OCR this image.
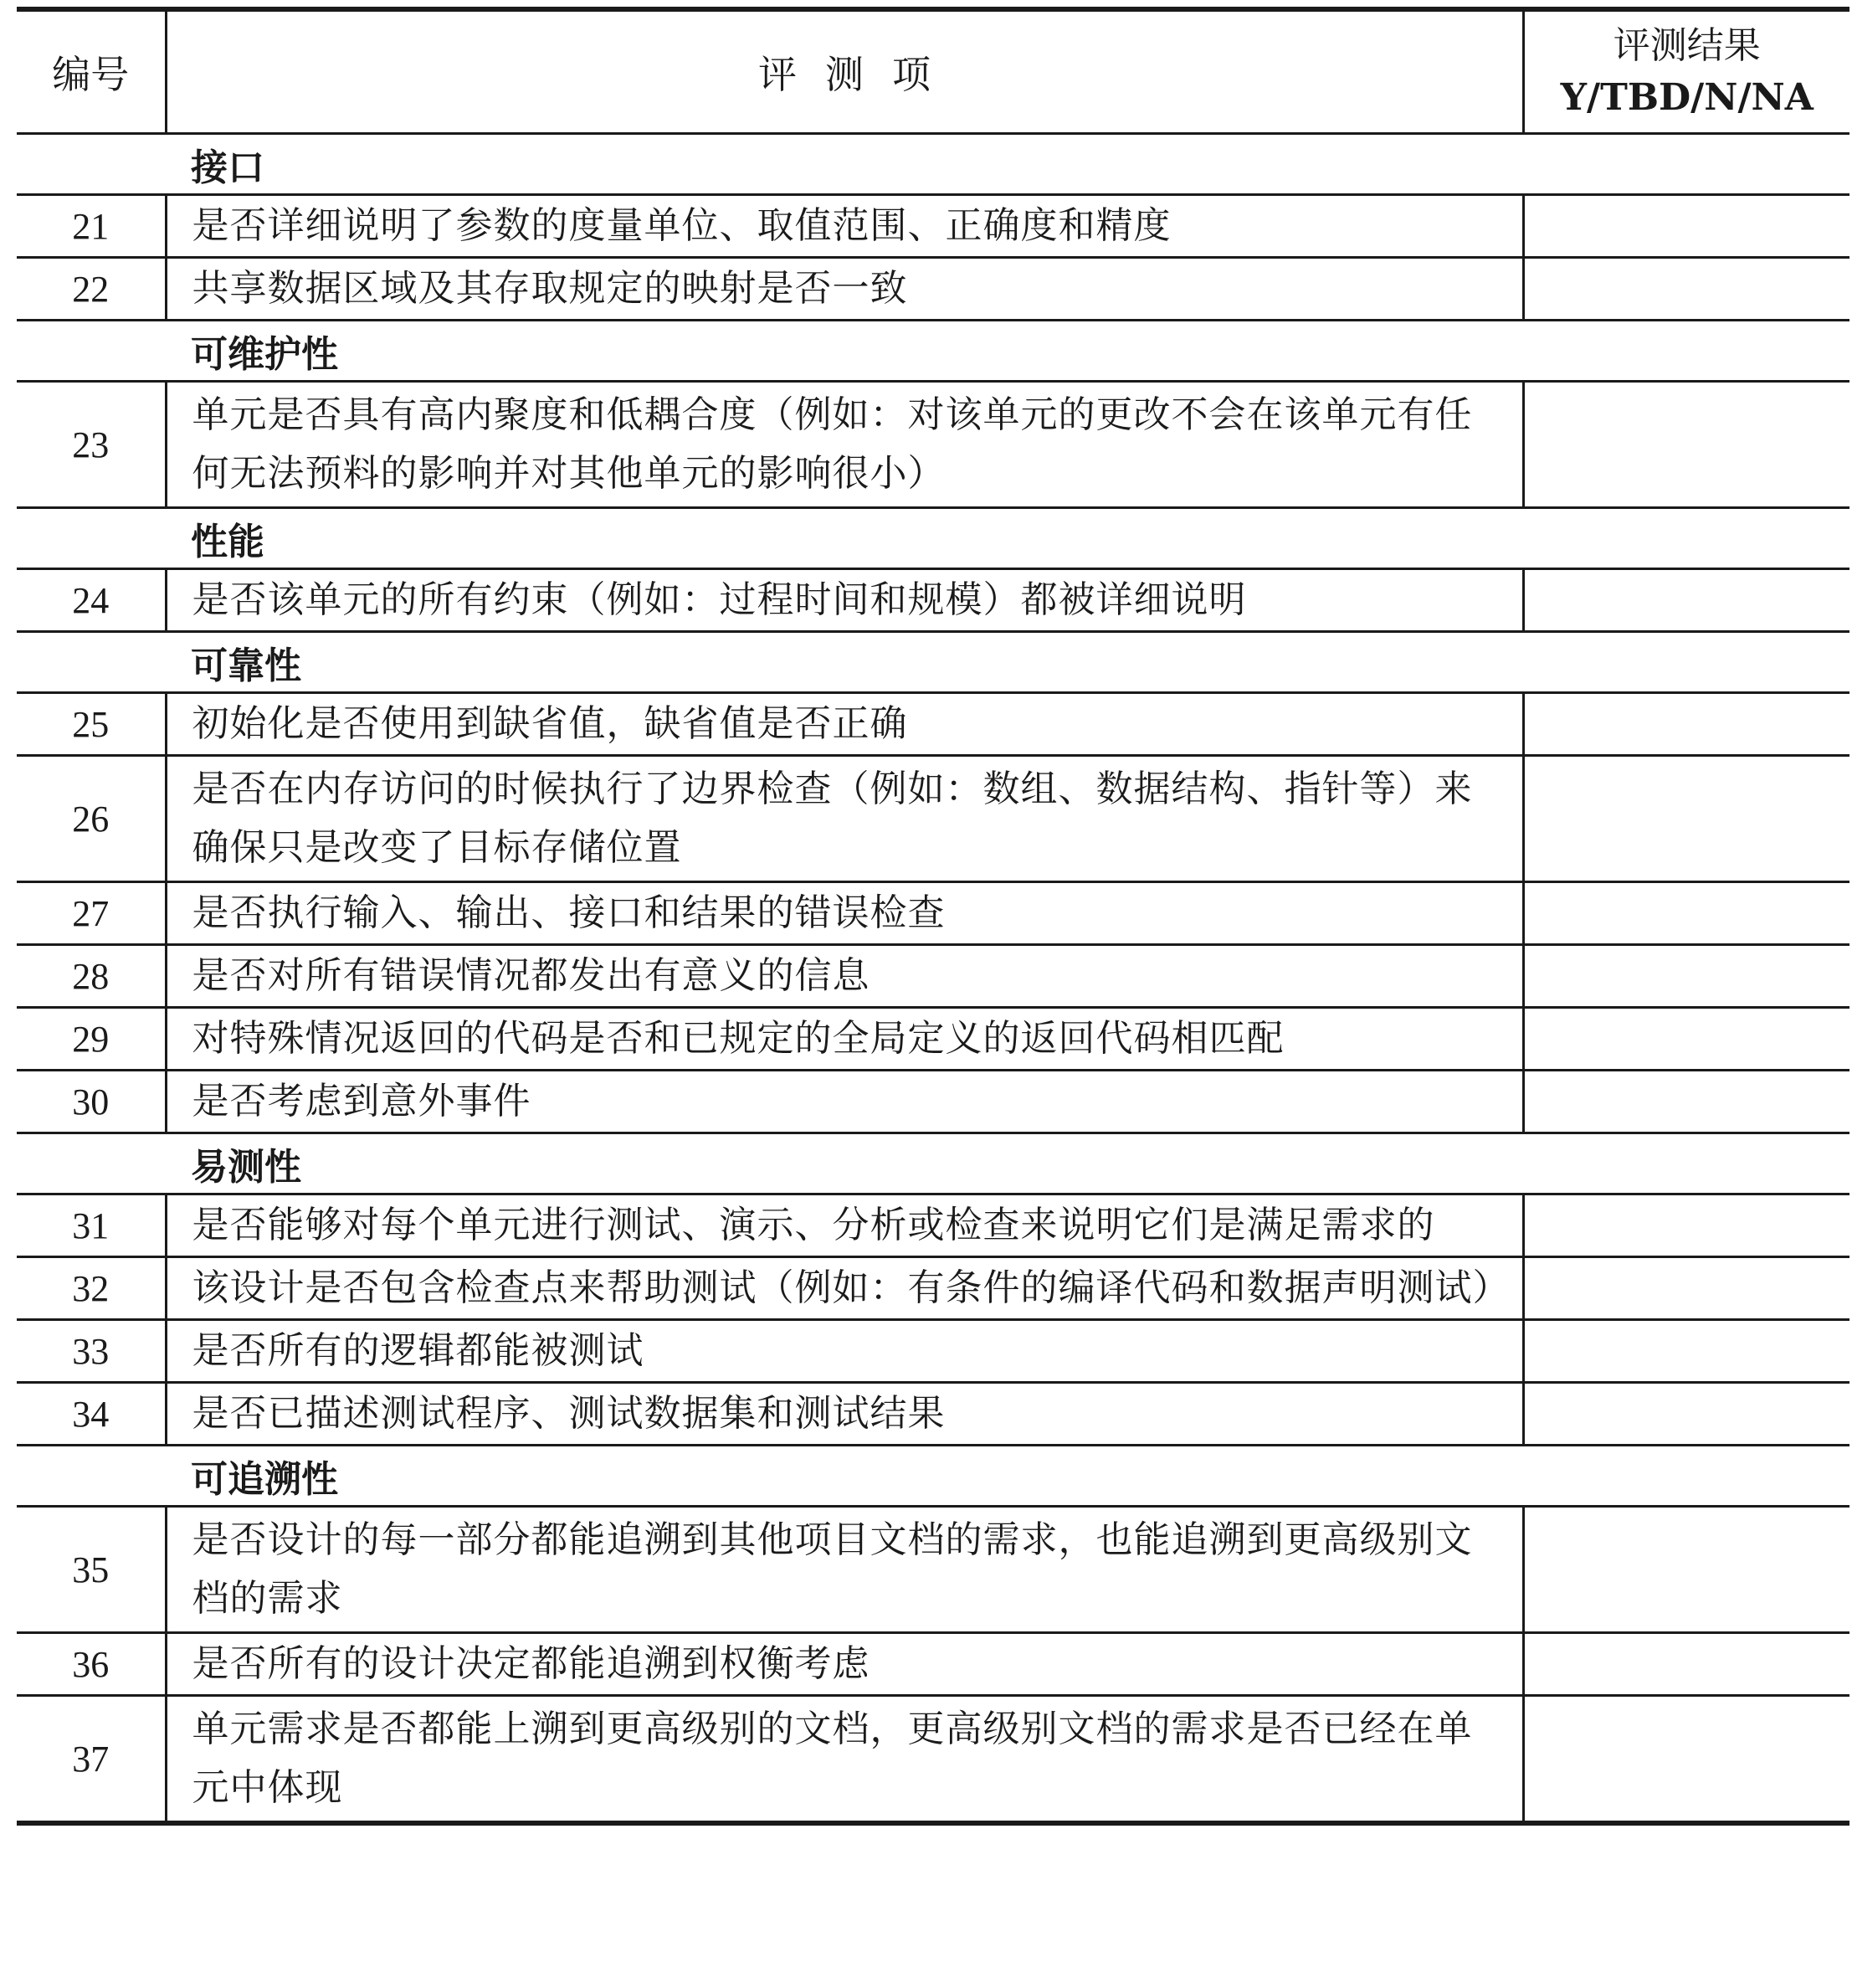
编号	评测项	评测结果
Y/TBD/N/NA

	接口	
21	是否详细说明了参数的度量单位、取值范围、正确度和精度	
22	共享数据区域及其存取规定的映射是否一致	
	可维护性	
23	单元是否具有高内聚度和低耦合度（例如：对该单元的更改不会在该单元有任何无法预料的影响并对其他单元的影响很小）	
	性能	
24	是否该单元的所有约束（例如：过程时间和规模）都被详细说明	
	可靠性	
25	初始化是否使用到缺省值，缺省值是否正确	
26	是否在内存访问的时候执行了边界检查（例如：数组、数据结构、指针等）来确保只是改变了目标存储位置	
27	是否执行输入、输出、接口和结果的错误检查	
28	是否对所有错误情况都发出有意义的信息	
29	对特殊情况返回的代码是否和已规定的全局定义的返回代码相匹配	
30	是否考虑到意外事件	
	易测性	
31	是否能够对每个单元进行测试、演示、分析或检查来说明它们是满足需求的	
32	该设计是否包含检查点来帮助测试（例如：有条件的编译代码和数据声明测试）	
33	是否所有的逻辑都能被测试	
34	是否已描述测试程序、测试数据集和测试结果	
	可追溯性	
35	是否设计的每一部分都能追溯到其他项目文档的需求，也能追溯到更高级别文档的需求	
36	是否所有的设计决定都能追溯到权衡考虑	
37	单元需求是否都能上溯到更高级别的文档，更高级别文档的需求是否已经在单元中体现	
